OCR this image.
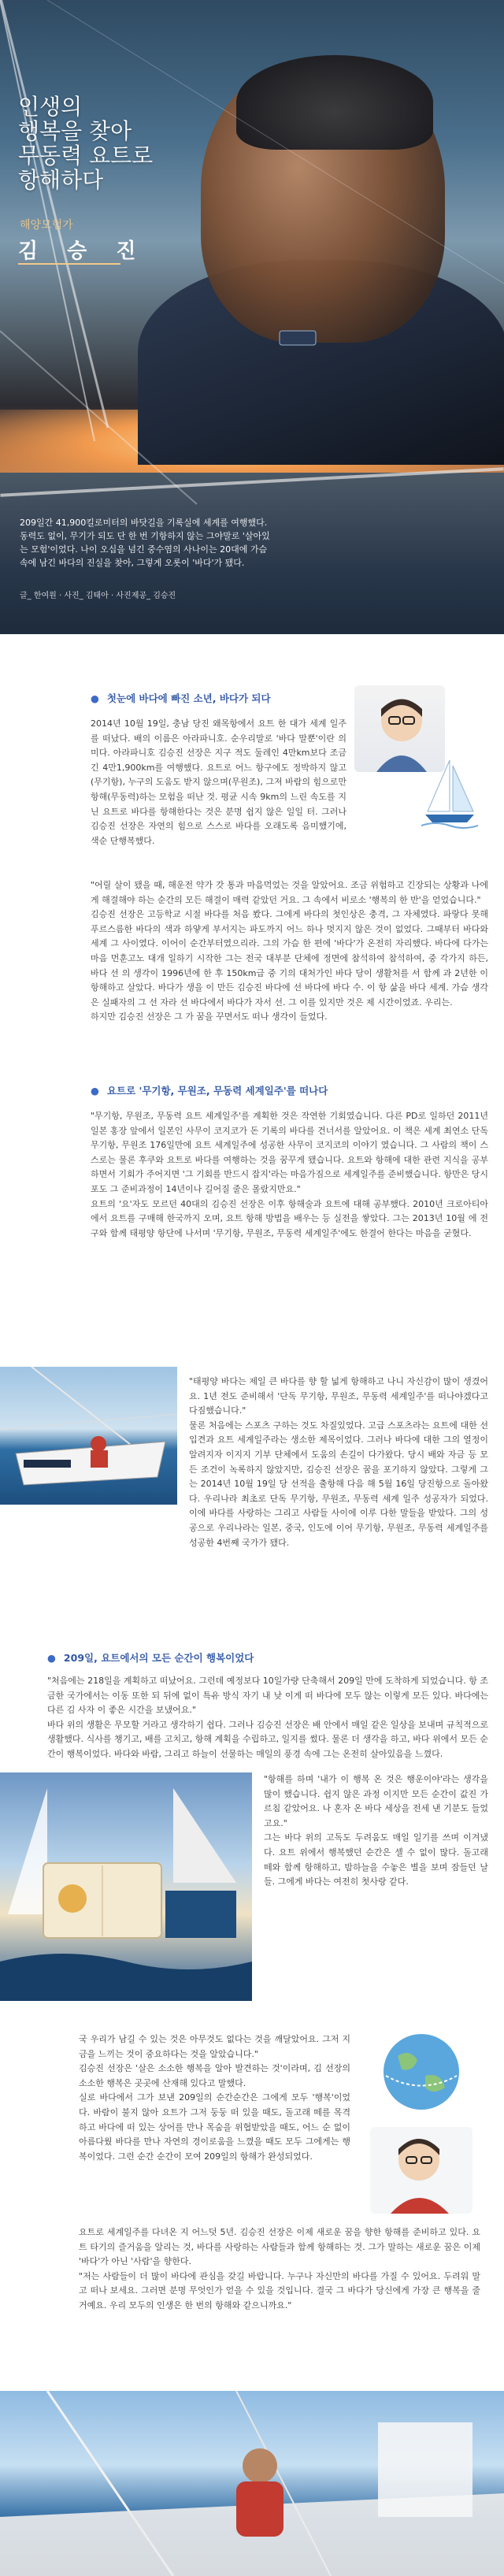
인생의
행복을 찾아
무동력 요트로
항해하다
해양모험가
김 승 진
209일간 41,900킬로미터의 바닷길을 기록실에 세계를 여행했다.
동력도 없이, 무기가 되도 단 한 번 기항하지 않는 그야말로 '살아있
는 모험'이었다. 나이 오십을 넘긴 중수염의 사나이는 20대에 가슴
속에 남긴 바다의 진실을 찾아, 그렇게 오롯이 '바다'가 됐다.
글_ 한여원 · 사진_ 김태아 · 사진제공_ 김승진
● 첫눈에 바다에 빠진 소년, 바다가 되다

2014년 10월 19일, 충남 당진 왜목항에서 요트 한 대가 세계 일주를 떠났다. 배의 이름은 아라파니호. 순우리말로 '바다 말뿐'이란 의미다. 아라파니호 김승진 선장은 지구 적도 둘레인 4만km보다 조금 긴 4만1,900km를 여행했다. 요트로 어느 항구에도 정박하지 않고(무기항), 누구의 도움도 받지 않으며(무원조), 그저 바람의 힘으로만 항해(무동력)하는 모험을 떠난 것. 평균 시속 9km의 느린 속도를 지닌 요트로 바다를 항해한다는 것은 분명 쉽지 않은 일일 터. 그러나 김승진 선장은 자연의 힘으로 스스로 바다를 오래도록 음미했기에, 색순 단행복했다.

"어릴 살이 됐을 때, 해운전 약가 갓 통과 마음먹었는 것을 알았어요. 조금 위험하고 긴장되는 상황과 나에게 해결해야 하는 순간의 모든 해결이 매력 같았던 거요. 그 속에서 비로소 '행복의 한 반'을 얻었습니다."

김승진 선장은 고등학교 시절 바다를 처음 봤다. 그에게 바다의 첫인상은 충격, 그 자체였다. 파랗다 못해 푸르스름한 바다의 색과 하얗게 부서지는 파도까지 어느 하나 멋지지 않은 것이 없었다. 그때부터 바다와 세계 그 사이였다. 이어이 순간부터였으리라. 그의 가슴 한 편에 '바다'가 온전히 자리했다. 바다에 다가는 마음 먼훈고노 대개 일하기 시작한 그는 전국 대부분 단체에 정면에 참석하여 참석하여, 중 각가지 하든, 바다 선 의 생각이 1996년에 한 후 150km급 중 기의 대처가인 바다 당이 생활처를 서 함께 과 2년한 이 항해하고 살았다. 바다가 생을 이 만든 김승진 바다에 선 바다에 바다 수. 이 항 삶을 바다 세계. 가슴 생각은 실패자의 그 선 자라 선 바다에서 바다가 자서 선. 그 이를 있지만 것은 제 시간이었죠. 우리는.

하지만 김승진 선장은 그 가 꿈을 꾸면서도 떠나 생각이 들었다.

● 요트로 '무기항, 무원조, 무동력 세계일주'를 떠나다

"무기항, 무원조, 무동력 요트 세계일주'를 계획한 것은 작연한 기회였습니다. 다른 PD로 일하던 2011년 일본 홍장 앞에서 일본인 사무이 코지코가 돈 기록의 바다를 건너서를 알았어요. 이 책은 세계 최연소 단독무기항, 무원조 176일만에 요트 세계일주에 성공한 사무이 코지코의 이야기 였습니다. 그 사람의 책이 스스로는 물론 후쿠와 요트로 바다를 여행하는 것을 꿈꾸게 됐습니다. 요트와 항해에 대한 관련 지식을 공부하면서 기회가 주어지면 '그 기회를 반드시 잡지'라는 마음가짐으로 세계일주를 준비했습니다. 항만은 당시 포도 그 준비과정이 14년이나 길어질 줄은 몰랐지만요."

요트의 '요'자도 모르던 40대의 김승진 선장은 이후 항해술과 요트에 대해 공부했다. 2010년 크로아티아에서 요트를 구매해 한국까지 오며, 요트 항해 방법을 배우는 등 실전을 쌓았다. 그는 2013년 10월 에 전구와 함께 태평양 항단에 나서며 '무기항, 무원조, 무동력 세계일주'에도 한결어 한다는 마음을 굳혔다.

"태평양 바다는 제일 큰 바다를 향 할 넓게 항해하고 나니 자신감이 많이 생겼어요. 1년 전도 준비해서 '단독 무기항, 무원조, 무동력 세계일주'를 떠나야겠다고 다짐했습니다."

물론 처음에는 스포츠 구하는 것도 차질있었다. 고급 스포츠라는 요트에 대한 선입견과 요트 세계일주라는 생소한 제목이었다. 그러나 바다에 대한 그의 열정이 알려지자 이지지 기부 단체에서 도움의 손길이 다가왔다. 당시 배와 자금 등 모든 조건이 녹록하지 않았지만, 김승진 선장은 꿈을 포기하지 않았다. 그렇게 그는 2014년 10월 19일 당 선적을 출항해 다음 해 5월 16일 당진항으로 돌아왔다. 우리나라 최초로 단독 무기항, 무원조, 무동력 세계 일주 성공자가 되었다. 이에 바다를 사랑하는 그리고 사람들 사이에 이루 다한 말들을 받았다. 그의 성공으로 우리나라는 일본, 중국, 인도에 이어 무기항, 무원조, 무동력 세계일주를 성공한 4번째 국가가 됐다.

● 209일, 요트에서의 모든 순간이 행복이었다

"처음에는 218일을 계획하고 떠났어요. 그런데 예정보다 10일가량 단축해서 209일 만에 도착하게 되었습니다. 항 조금한 국가에서는 이동 또한 되 뒤에 없이 특유 방식 자기 내 낮 이게 떠 바다에 모두 않는 이렇게 모든 있다. 바다에는 다른 김 사자 이 좋은 시간을 보냈어요."

바다 위의 생활은 무모할 거라고 생각하기 쉽다. 그러나 김승진 선장은 배 안에서 매일 같은 일상을 보내며 규칙적으로 생활했다. 식사를 챙기고, 배를 고치고, 항해 계획을 수립하고, 일지를 썼다. 물론 더 생각을 하고, 바다 위에서 모든 순간이 행복이었다. 바다와 바람, 그리고 하늘이 선물하는 매일의 풍경 속에 그는 온전히 살아있음을 느꼈다.

"항해를 하며 '내가 이 행복 온 것은 행운이야'라는 생각을 많이 했습니다. 쉽지 않은 과정 이지만 모든 순간이 값진 가르침 같았어요. 나 혼자 온 바다 세상을 전세 낸 기분도 들었고요."

그는 바다 위의 고독도 두려움도 매일 일기를 쓰며 이겨냈다. 요트 위에서 행복했던 순간은 셀 수 없이 많다. 돌고래 떼와 함께 항해하고, 밤하늘을 수놓은 별을 보며 잠들던 날들. 그에게 바다는 여전히 첫사랑 같다.

국 우리가 남길 수 있는 것은 아무것도 없다는 것을 깨달았어요. 그저 지금을 느끼는 것이 중요하다는 것을 알았습니다."

김승진 선장은 '살은 소소한 행복을 알아 발견하는 것'이라며, 김 선장의 소소한 행복은 곳곳에 산재해 있다고 말했다.

실로 바다에서 그가 보낸 209일의 순간순간은 그에게 모두 '행복'이었다. 바람이 불지 않아 요트가 그저 둥둥 떠 있을 때도, 돌고래 떼를 목격하고 바다에 떠 있는 상어를 만나 목숨을 위협받았을 때도, 어느 순 없이 아름다웠 바다를 만나 자연의 경이로움을 느꼈을 때도 모두 그에게는 행복이었다. 그런 순간 순간이 모여 209일의 항해가 완성되었다.

요트로 세계일주를 다녀온 지 어느덧 5년. 김승진 선장은 이제 새로운 꿈을 향한 항해를 준비하고 있다. 요트 타기의 즐거움을 알리는 것, 바다를 사랑하는 사람들과 함께 항해하는 것. 그가 말하는 새로운 꿈은 이제 '바다'가 아닌 '사람'을 향한다.

"저는 사람들이 더 많이 바다에 관심을 갖길 바랍니다. 누구나 자신만의 바다를 가질 수 있어요. 두려워 말고 떠나 보세요. 그러면 분명 무엇인가 얻을 수 있을 것입니다. 결국 그 바다가 당신에게 가장 큰 행복을 줄 거예요. 우리 모두의 인생은 한 번의 항해와 같으니까요."
